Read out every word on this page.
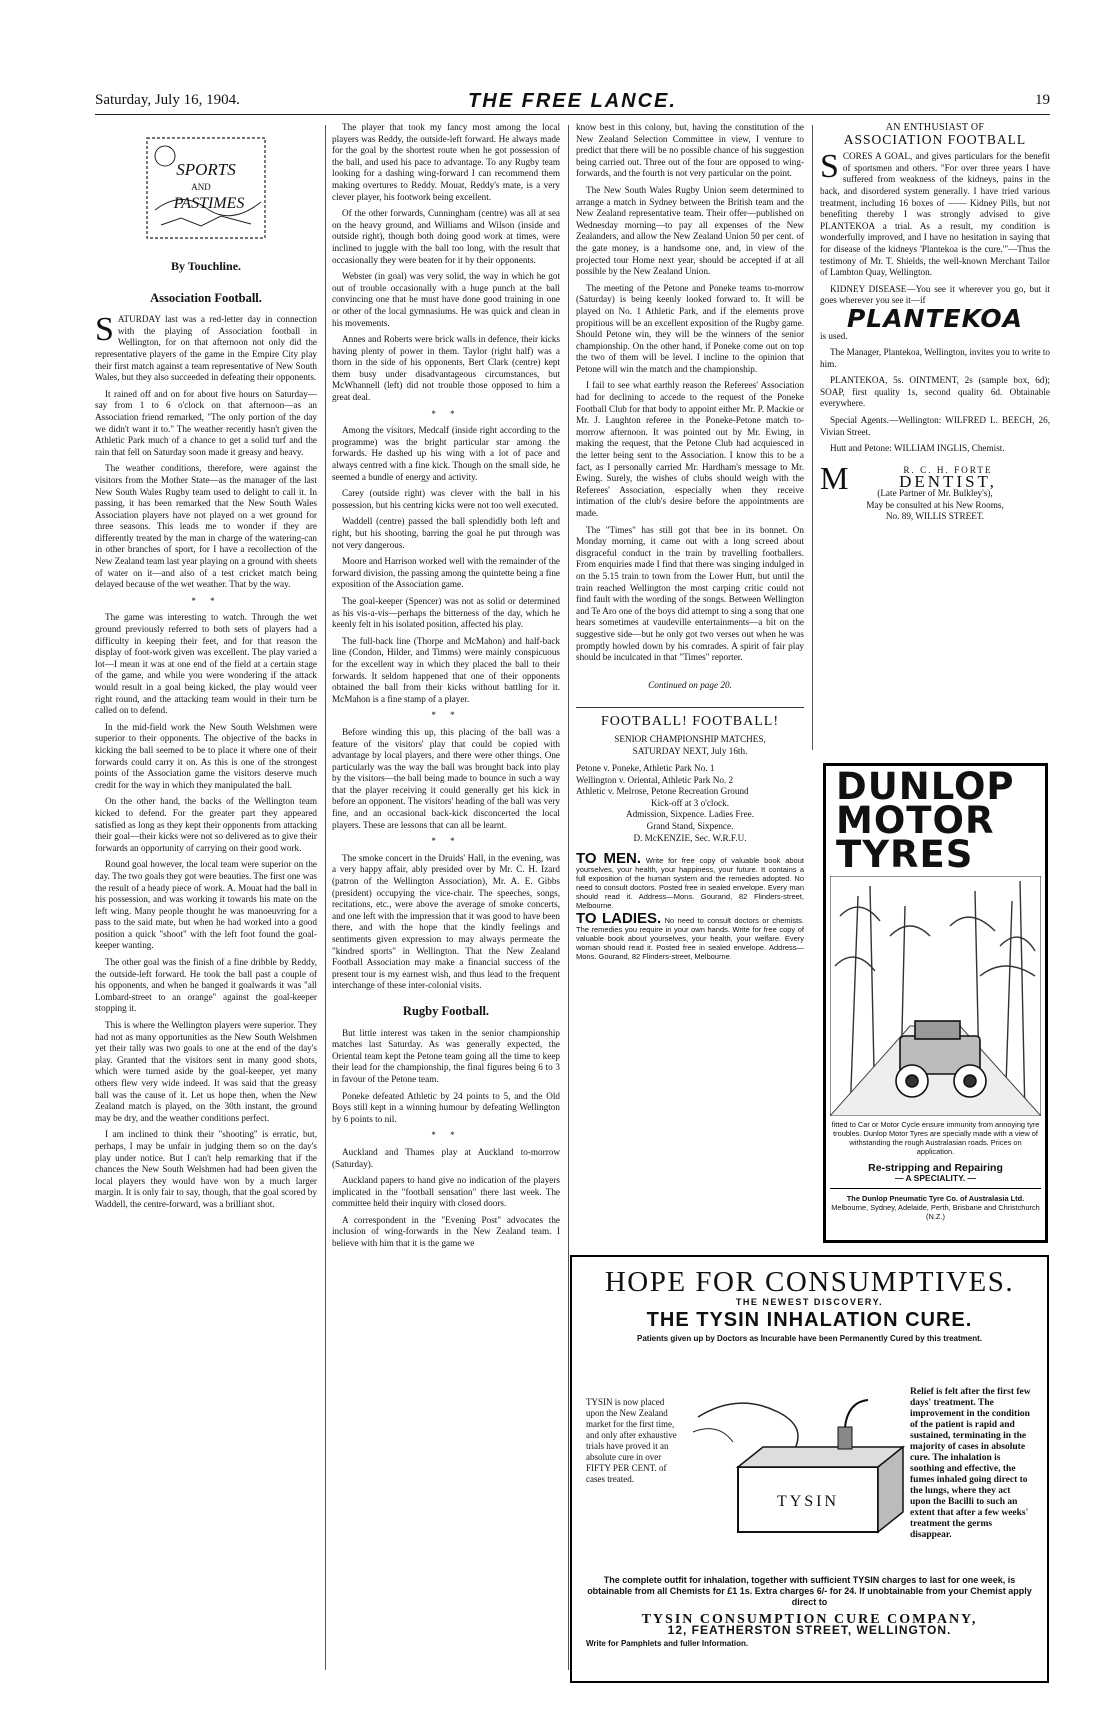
Saturday, July 16, 1904.	THE FREE LANCE.	19
SPORTS
AND
PASTIMES
By Touchline.
Association Football.

SATURDAY last was a red-letter day in connection with the playing of Association football in Wellington, for on that afternoon not only did the representative players of the game in the Empire City play their first match against a team representative of New South Wales, but they also succeeded in defeating their opponents.

It rained off and on for about five hours on Saturday—say from 1 to 6 o'clock on that afternoon—as an Association friend remarked, "The only portion of the day we didn't want it to." The weather recently hasn't given the Athletic Park much of a chance to get a solid turf and the rain that fell on Saturday soon made it greasy and heavy.

The weather conditions, therefore, were against the visitors from the Mother State—as the manager of the last New South Wales Rugby team used to delight to call it. In passing, it has been remarked that the New South Wales Association players have not played on a wet ground for three seasons. This leads me to wonder if they are differently treated by the man in charge of the watering-can in other branches of sport, for I have a recollection of the New Zealand team last year playing on a ground with sheets of water on it—and also of a test cricket match being delayed because of the wet weather. That by the way.

* *

The game was interesting to watch. Through the wet ground previously referred to both sets of players had a difficulty in keeping their feet, and for that reason the display of foot-work given was excellent. The play varied a lot—I mean it was at one end of the field at a certain stage of the game, and while you were wondering if the attack would result in a goal being kicked, the play would veer right round, and the attacking team would in their turn be called on to defend.

In the mid-field work the New South Welshmen were superior to their opponents. The objective of the backs in kicking the ball seemed to be to place it where one of their forwards could carry it on. As this is one of the strongest points of the Association game the visitors deserve much credit for the way in which they manipulated the ball.

On the other hand, the backs of the Wellington team kicked to defend. For the greater part they appeared satisfied as long as they kept their opponents from attacking their goal—their kicks were not so delivered as to give their forwards an opportunity of carrying on their good work.

Round goal however, the local team were superior on the day. The two goals they got were beauties. The first one was the result of a heady piece of work. A. Mouat had the ball in his possession, and was working it towards his mate on the left wing. Many people thought he was manoeuvring for a pass to the said mate, but when he had worked into a good position a quick "shoot" with the left foot found the goal-keeper wanting.

The other goal was the finish of a fine dribble by Reddy, the outside-left forward. He took the ball past a couple of his opponents, and when he banged it goalwards it was "all Lombard-street to an orange" against the goal-keeper stopping it.

This is where the Wellington players were superior. They had not as many opportunities as the New South Welshmen yet their tally was two goals to one at the end of the day's play. Granted that the visitors sent in many good shots, which were turned aside by the goal-keeper, yet many others flew very wide indeed. It was said that the greasy ball was the cause of it. Let us hope then, when the New Zealand match is played, on the 30th instant, the ground may be dry, and the weather conditions perfect.

I am inclined to think their "shooting" is erratic, but, perhaps, I may be unfair in judging them so on the day's play under notice. But I can't help remarking that if the chances the New South Welshmen had had been given the local players they would have won by a much larger margin. It is only fair to say, though, that the goal scored by Waddell, the centre-forward, was a brilliant shot.

The player that took my fancy most among the local players was Reddy, the outside-left forward. He always made for the goal by the shortest route when he got possession of the ball, and used his pace to advantage. To any Rugby team looking for a dashing wing-forward I can recommend them making overtures to Reddy. Mouat, Reddy's mate, is a very clever player, his footwork being excellent.

Of the other forwards, Cunningham (centre) was all at sea on the heavy ground, and Williams and Wilson (inside and outside right), though both doing good work at times, were inclined to juggle with the ball too long, with the result that occasionally they were beaten for it by their opponents.

Webster (in goal) was very solid, the way in which he got out of trouble occasionally with a huge punch at the ball convincing one that he must have done good training in one or other of the local gymnasiums. He was quick and clean in his movements.

Annes and Roberts were brick walls in defence, their kicks having plenty of power in them. Taylor (right half) was a thorn in the side of his opponents, Bert Clark (centre) kept them busy under disadvantageous circumstances, but McWhannell (left) did not trouble those opposed to him a great deal.

* *

Among the visitors, Medcalf (inside right according to the programme) was the bright particular star among the forwards. He dashed up his wing with a lot of pace and always centred with a fine kick. Though on the small side, he seemed a bundle of energy and activity.

Carey (outside right) was clever with the ball in his possession, but his centring kicks were not too well executed.

Waddell (centre) passed the ball splendidly both left and right, but his shooting, barring the goal he put through was not very dangerous.

Moore and Harrison worked well with the remainder of the forward division, the passing among the quintette being a fine exposition of the Association game.

The goal-keeper (Spencer) was not as solid or determined as his vis-a-vis—perhaps the bitterness of the day, which he keenly felt in his isolated position, affected his play.

The full-back line (Thorpe and McMahon) and half-back line (Condon, Hilder, and Timms) were mainly conspicuous for the excellent way in which they placed the ball to their forwards. It seldom happened that one of their opponents obtained the ball from their kicks without battling for it. McMahon is a fine stamp of a player.

* *

Before winding this up, this placing of the ball was a feature of the visitors' play that could be copied with advantage by local players, and there were other things. One particularly was the way the ball was brought back into play by the visitors—the ball being made to bounce in such a way that the player receiving it could generally get his kick in before an opponent. The visitors' heading of the ball was very fine, and an occasional back-kick disconcerted the local players. These are lessons that can all be learnt.

* *

The smoke concert in the Druids' Hall, in the evening, was a very happy affair, ably presided over by Mr. C. H. Izard (patron of the Wellington Association), Mr. A. E. Gibbs (president) occupying the vice-chair. The speeches, songs, recitations, etc., were above the average of smoke concerts, and one left with the impression that it was good to have been there, and with the hope that the kindly feelings and sentiments given expression to may always permeate the "kindred sports" in Wellington. That the New Zealand Football Association may make a financial success of the present tour is my earnest wish, and thus lead to the frequent interchange of these inter-colonial visits.

Rugby Football.

But little interest was taken in the senior championship matches last Saturday. As was generally expected, the Oriental team kept the Petone team going all the time to keep their lead for the championship, the final figures being 6 to 3 in favour of the Petone team.

Poneke defeated Athletic by 24 points to 5, and the Old Boys still kept in a winning humour by defeating Wellington by 6 points to nil.

* *

Auckland and Thames play at Auckland to-morrow (Saturday).

Auckland papers to hand give no indication of the players implicated in the "football sensation" there last week. The committee held their inquiry with closed doors.

A correspondent in the "Evening Post" advocates the inclusion of wing-forwards in the New Zealand team. I believe with him that it is the game we

know best in this colony, but, having the constitution of the New Zealand Selection Committee in view, I venture to predict that there will be no possible chance of his suggestion being carried out. Three out of the four are opposed to wing-forwards, and the fourth is not very particular on the point.

The New South Wales Rugby Union seem determined to arrange a match in Sydney between the British team and the New Zealand representative team. Their offer—published on Wednesday morning—to pay all expenses of the New Zealanders, and allow the New Zealand Union 50 per cent. of the gate money, is a handsome one, and, in view of the projected tour Home next year, should be accepted if at all possible by the New Zealand Union.

The meeting of the Petone and Poneke teams to-morrow (Saturday) is being keenly looked forward to. It will be played on No. 1 Athletic Park, and if the elements prove propitious will be an excellent exposition of the Rugby game. Should Petone win, they will be the winners of the senior championship. On the other hand, if Poneke come out on top the two of them will be level. I incline to the opinion that Petone will win the match and the championship.

I fail to see what earthly reason the Referees' Association had for declining to accede to the request of the Poneke Football Club for that body to appoint either Mr. P. Mackie or Mr. J. Laughton referee in the Poneke-Petone match to-morrow afternoon. It was pointed out by Mr. Ewing, in making the request, that the Petone Club had acquiesced in the letter being sent to the Association. I know this to be a fact, as I personally carried Mr. Hardham's message to Mr. Ewing. Surely, the wishes of clubs should weigh with the Referees' Association, especially when they receive intimation of the club's desire before the appointments are made.

The "Times" has still got that bee in its bonnet. On Monday morning, it came out with a long screed about disgraceful conduct in the train by travelling footballers. From enquiries made I find that there was singing indulged in on the 5.15 train to town from the Lower Hutt, but until the train reached Wellington the most carping critic could not find fault with the wording of the songs. Between Wellington and Te Aro one of the boys did attempt to sing a song that one hears sometimes at vaudeville entertainments—a bit on the suggestive side—but he only got two verses out when he was promptly howled down by his comrades. A spirit of fair play should be inculcated in that "Times" reporter.

Continued on page 20.
FOOTBALL! FOOTBALL!
SENIOR CHAMPIONSHIP MATCHES,
SATURDAY NEXT, July 16th.
Petone v. Poneke, Athletic Park No. 1
Wellington v. Oriental, Athletic Park No. 2
Athletic v. Melrose, Petone Recreation Ground
Kick-off at 3 o'clock.
Admission, Sixpence. Ladies Free.
Grand Stand, Sixpence.
D. McKENZIE, Sec. W.R.F.U.
TO MEN. Write for free copy of valuable book about yourselves, your health, your happiness, your future. It contains a full exposition of the human system and the remedies adopted. No need to consult doctors. Posted free in sealed envelope. Every man should read it. Address—Mons. Gourand, 82 Flinders-street, Melbourne.
TO LADIES. No need to consult doctors or chemists. The remedies you require in your own hands. Write for free copy of valuable book about yourselves, your health, your welfare. Every woman should read it. Posted free in sealed envelope. Address—Mons. Gourand, 82 Flinders-street, Melbourne.
AN ENTHUSIAST OF
ASSOCIATION FOOTBALL

SCORES A GOAL, and gives particulars for the benefit of sportsmen and others. "For over three years I have suffered from weakness of the kidneys, pains in the back, and disordered system generally. I have tried various treatment, including 16 boxes of —— Kidney Pills, but not benefiting thereby I was strongly advised to give PLANTEKOA a trial. As a result, my condition is wonderfully improved, and I have no hesitation in saying that for disease of the kidneys 'Plantekoa is the cure.'"—Thus the testimony of Mr. T. Shields, the well-known Merchant Tailor of Lambton Quay, Wellington.

KIDNEY DISEASE—You see it wherever you go, but it goes wherever you see it—if

PLANTEKOA

is used.

The Manager, Plantekoa, Wellington, invites you to write to him.

PLANTEKOA, 5s. OINTMENT, 2s (sample box, 6d); SOAP, first quality 1s, second quality 6d. Obtainable everywhere.

Special Agents.—Wellington: WILFRED L. BEECH, 26, Vivian Street.

Hutt and Petone: WILLIAM INGLIS, Chemist.

M	R. C. H. FORTE
DENTIST,
(Late Partner of Mr. Bulkley's),
May be consulted at his New Rooms,
No. 89, WILLIS STREET.
DUNLOP
MOTOR
TYRES
fitted to Car or Motor Cycle ensure immunity from annoying tyre troubles. Dunlop Motor Tyres are specially made with a view of withstanding the rough Australasian roads. Prices on application.
Re-stripping and Repairing
— A SPECIALITY. —
The Dunlop Pneumatic Tyre Co. of Australasia Ltd.
Melbourne, Sydney, Adelaide, Perth, Brisbane and Christchurch (N.Z.)
HOPE FOR CONSUMPTIVES.
THE NEWEST DISCOVERY.
THE TYSIN INHALATION CURE.
Patients given up by Doctors as Incurable have been Permanently Cured by this treatment.
TYSIN is now placed upon the New Zealand market for the first time, and only after exhaustive trials have proved it an absolute cure in over FIFTY PER CENT. of cases treated.
TYSIN
Relief is felt after the first few days' treatment. The improvement in the condition of the patient is rapid and sustained, terminating in the majority of cases in absolute cure. The inhalation is soothing and effective, the fumes inhaled going direct to the lungs, where they act upon the Bacilli to such an extent that after a few weeks' treatment the germs disappear.
The complete outfit for inhalation, together with sufficient TYSIN charges to last for one week, is obtainable from all Chemists for £1 1s. Extra charges 6/- for 24. If unobtainable from your Chemist apply direct to
TYSIN CONSUMPTION CURE COMPANY,
12, FEATHERSTON STREET, WELLINGTON.
Write for Pamphlets and fuller Information.
